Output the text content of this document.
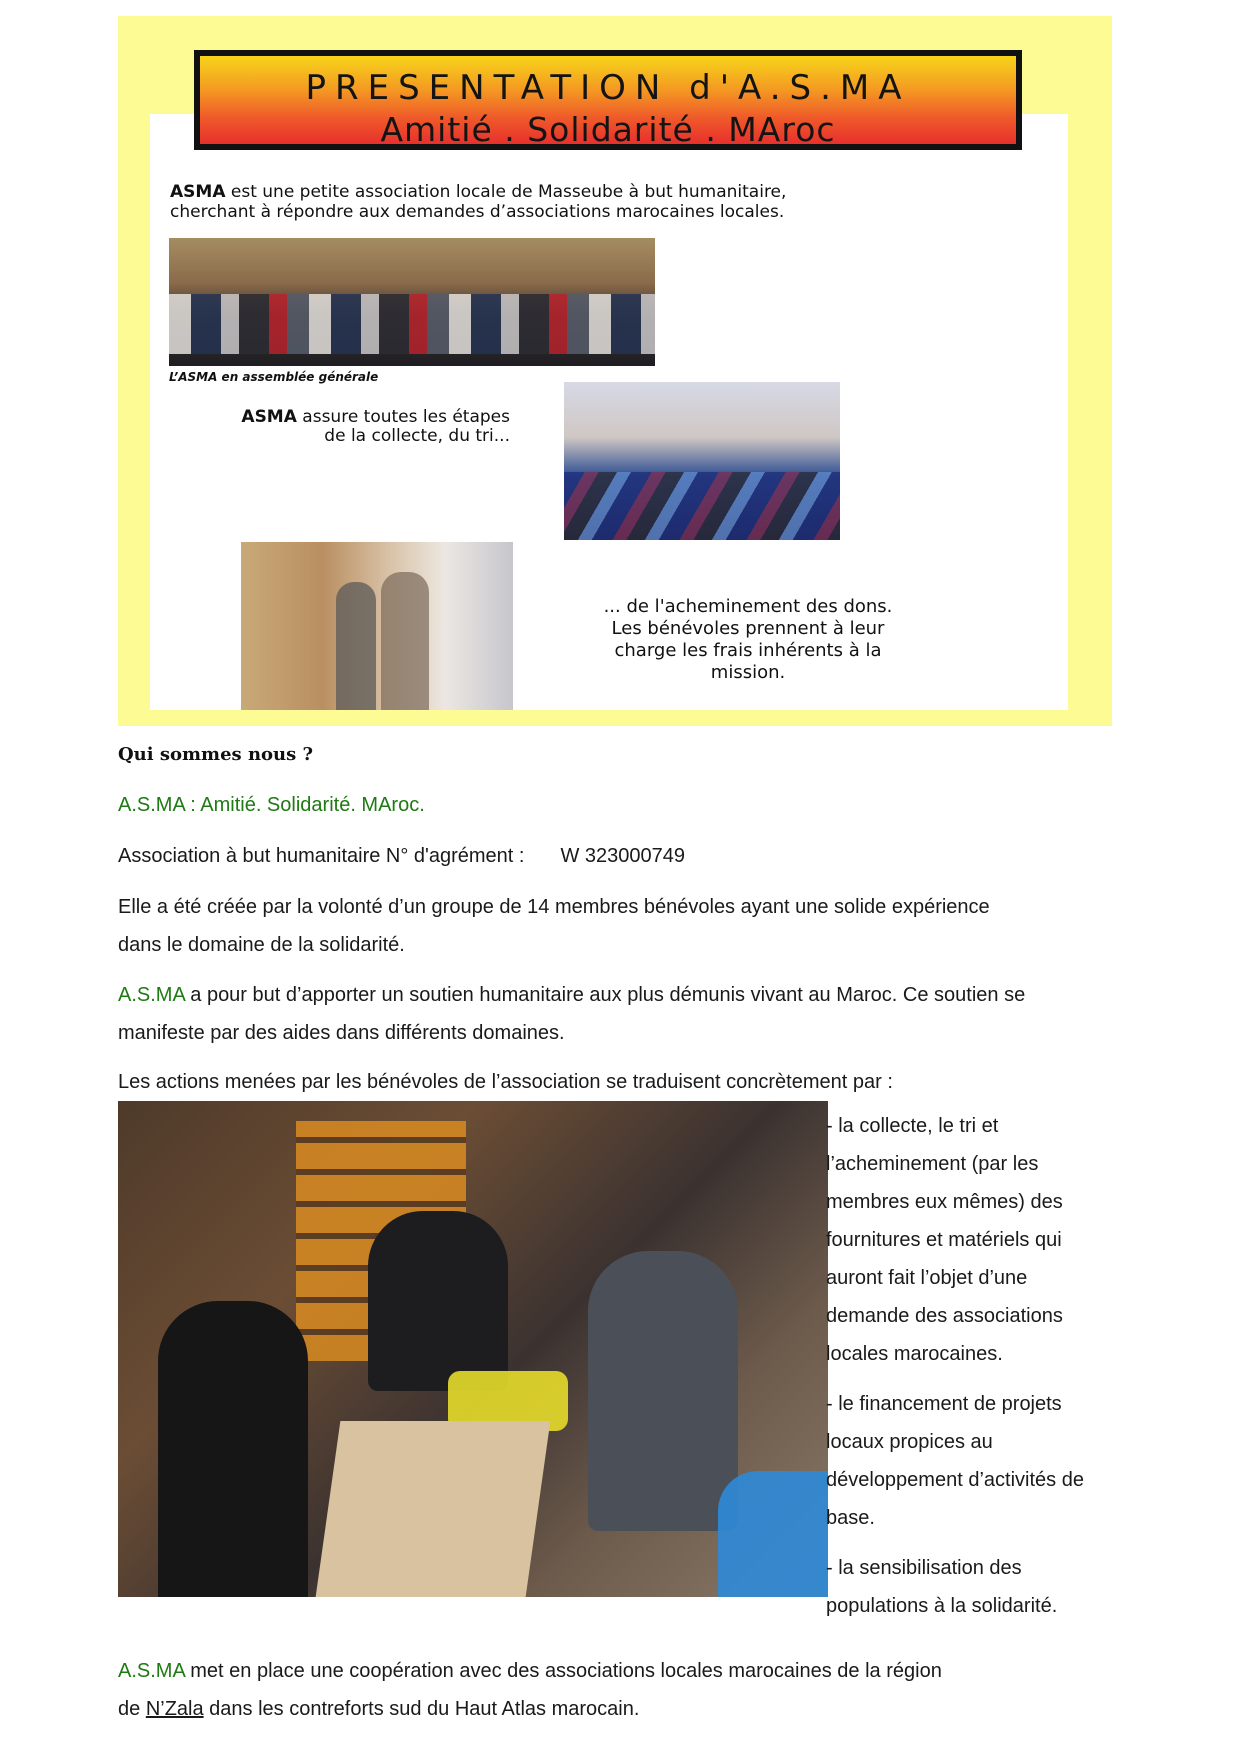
PRESENTATION d'A.S.MA
Amitié . Solidarité . MAroc
ASMA est une petite association locale de Masseube à but humanitaire,
cherchant à répondre aux demandes d’associations marocaines locales.
L’ASMA en assemblée générale
ASMA assure toutes les étapes
de la collecte, du tri...
... de l'acheminement des dons.
Les bénévoles prennent à leur
charge les frais inhérents à la
mission.
Qui sommes nous ?
A.S.MA : Amitié. Solidarité. MAroc.
Association à but humanitaire N° d'agrément : W 323000749
Elle a été créée par la volonté d’un groupe de 14 membres bénévoles ayant une solide expérience
dans le domaine de la solidarité.
A.S.MA a pour but d’apporter un soutien humanitaire aux plus démunis vivant au Maroc. Ce soutien se
manifeste par des aides dans différents domaines.
Les actions menées par les bénévoles de l’association se traduisent concrètement par :

- la collecte, le tri et
l’acheminement (par les
membres eux mêmes) des
fournitures et matériels qui
auront fait l’objet d’une
demande des associations
locales marocaines.

- le financement de projets
locaux propices au
développement d’activités de
base.

- la sensibilisation des
populations à la solidarité.

A.S.MA met en place une coopération avec des associations locales marocaines de la région
de N’Zala dans les contreforts sud du Haut Atlas marocain.
